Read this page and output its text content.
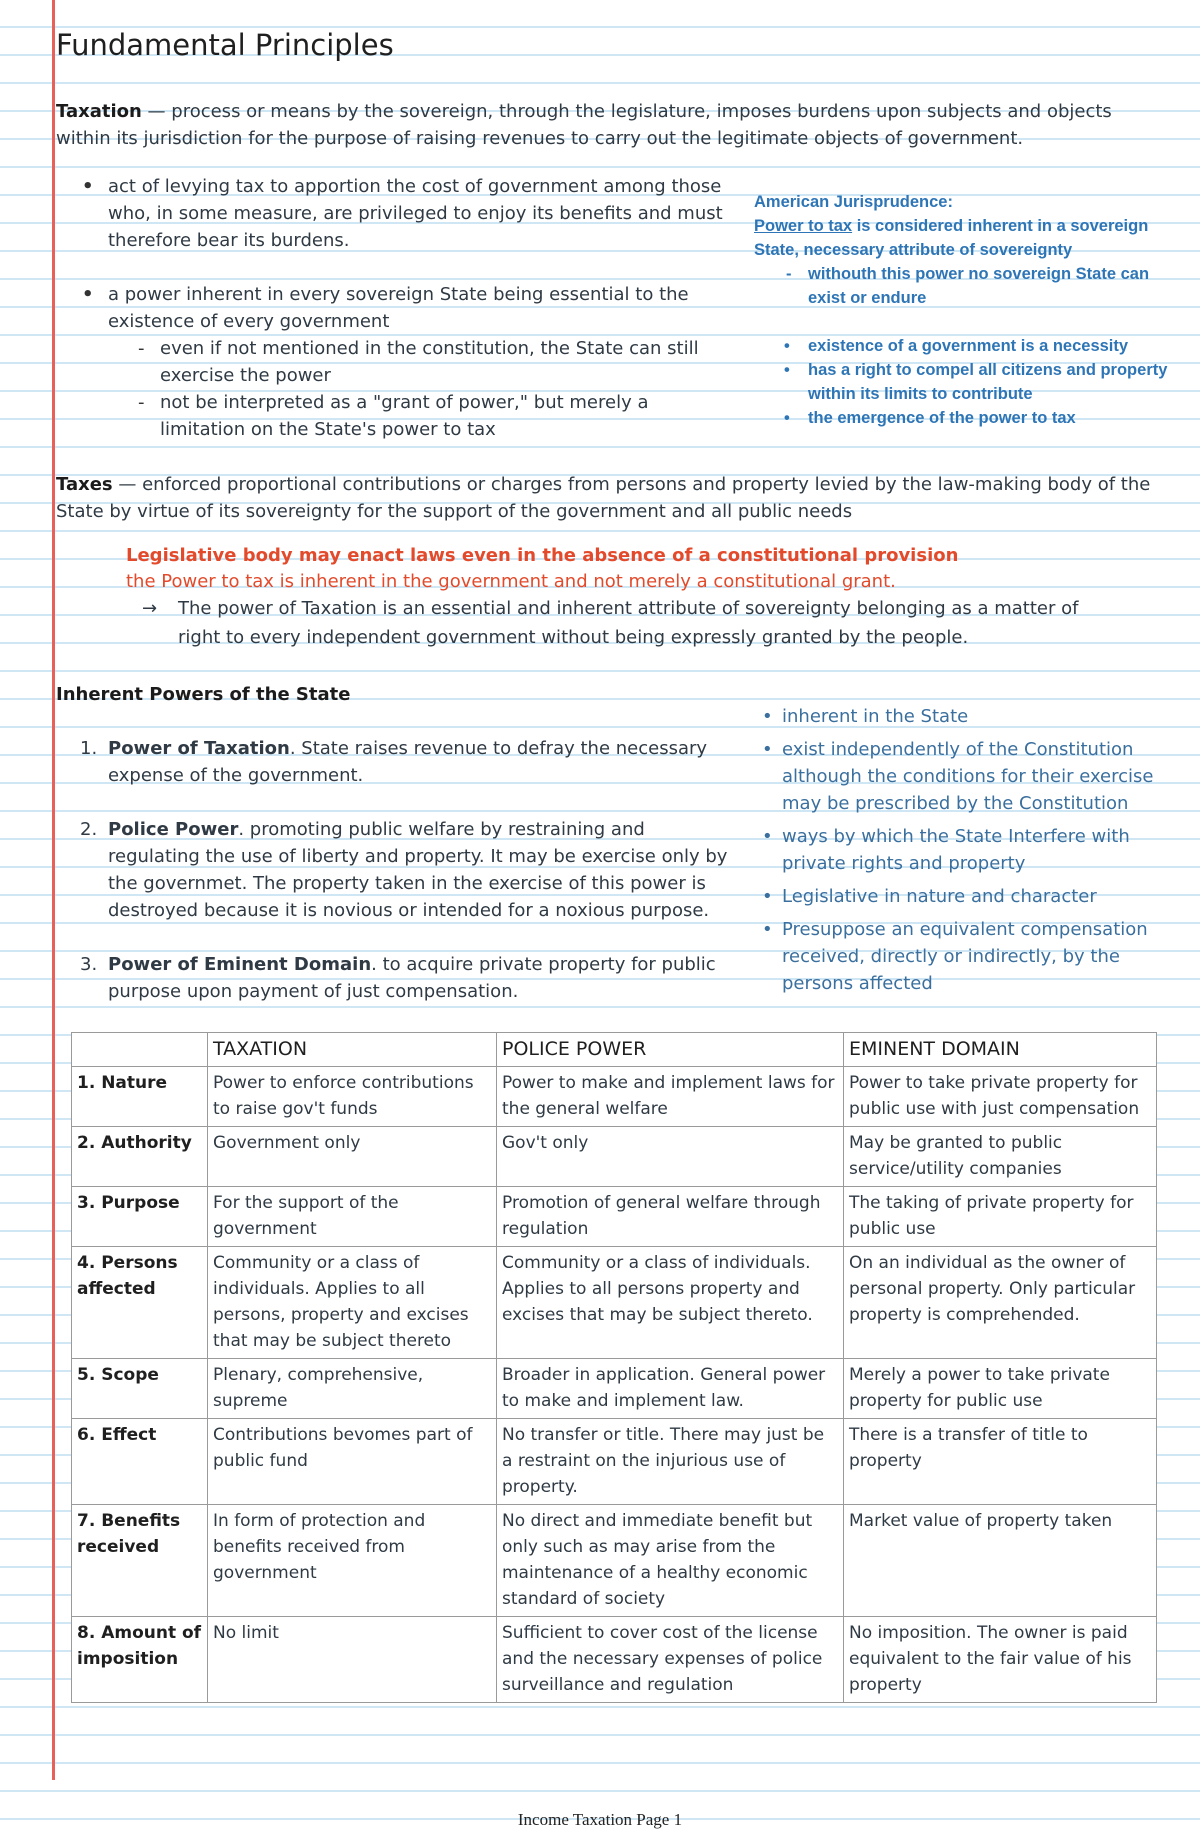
Fundamental Principles
Taxation — process or means by the sovereign, through the legislature, imposes burdens upon subjects and objects within its jurisdiction for the purpose of raising revenues to carry out the legitimate objects of government.
• act of levying tax to apportion the cost of government among those who, in some measure, are privileged to enjoy its benefits and must therefore bear its burdens.
• a power inherent in every sovereign State being essential to the existence of every government
- even if not mentioned in the constitution, the State can still exercise the power
- not be interpreted as a "grant of power," but merely a limitation on the State's power to tax
American Jurisprudence:
Power to tax is considered inherent in a sovereign State, necessary attribute of sovereignty
- withouth this power no sovereign State can exist or endure
• existence of a government is a necessity
• has a right to compel all citizens and property within its limits to contribute
• the emergence of the power to tax
Taxes — enforced proportional contributions or charges from persons and property levied by the law-making body of the State by virtue of its sovereignty for the support of the government and all public needs
Legislative body may enact laws even in the absence of a constitutional provision
the Power to tax is inherent in the government and not merely a constitutional grant.
→	The power of Taxation is an essential and inherent attribute of sovereignty belonging as a matter of right to every independent government without being expressly granted by the people.
Inherent Powers of the State
1. Power of Taxation. State raises revenue to defray the necessary expense of the government.
2. Police Power. promoting public welfare by restraining and regulating the use of liberty and property. It may be exercise only by the governmet. The property taken in the exercise of this power is destroyed because it is novious or intended for a noxious purpose.
3. Power of Eminent Domain. to acquire private property for public purpose upon payment of just compensation.
• inherent in the State
• exist independently of the Constitution although the conditions for their exercise may be prescribed by the Constitution
• ways by which the State Interfere with private rights and property
• Legislative in nature and character
• Presuppose an equivalent compensation received, directly or indirectly, by the persons affected
	TAXATION	POLICE POWER	EMINENT DOMAIN
1. Nature	Power to enforce contributions to raise gov't funds	Power to make and implement laws for the general welfare	Power to take private property for public use with just compensation
2. Authority	Government only	Gov't only	May be granted to public service/utility companies
3. Purpose	For the support of the government	Promotion of general welfare through regulation	The taking of private property for public use
4. Persons affected	Community or a class of individuals. Applies to all persons, property and excises that may be subject thereto	Community or a class of individuals. Applies to all persons property and excises that may be subject thereto.	On an individual as the owner of personal property. Only particular property is comprehended.
5. Scope	Plenary, comprehensive, supreme	Broader in application. General power to make and implement law.	Merely a power to take private property for public use
6. Effect	Contributions bevomes part of public fund	No transfer or title. There may just be a restraint on the injurious use of property.	There is a transfer of title to property
7. Benefits received	In form of protection and benefits received from government	No direct and immediate benefit but only such as may arise from the maintenance of a healthy economic standard of society	Market value of property taken
8. Amount of imposition	No limit	Sufficient to cover cost of the license and the necessary expenses of police surveillance and regulation	No imposition. The owner is paid equivalent to the fair value of his property
Income Taxation Page 1
